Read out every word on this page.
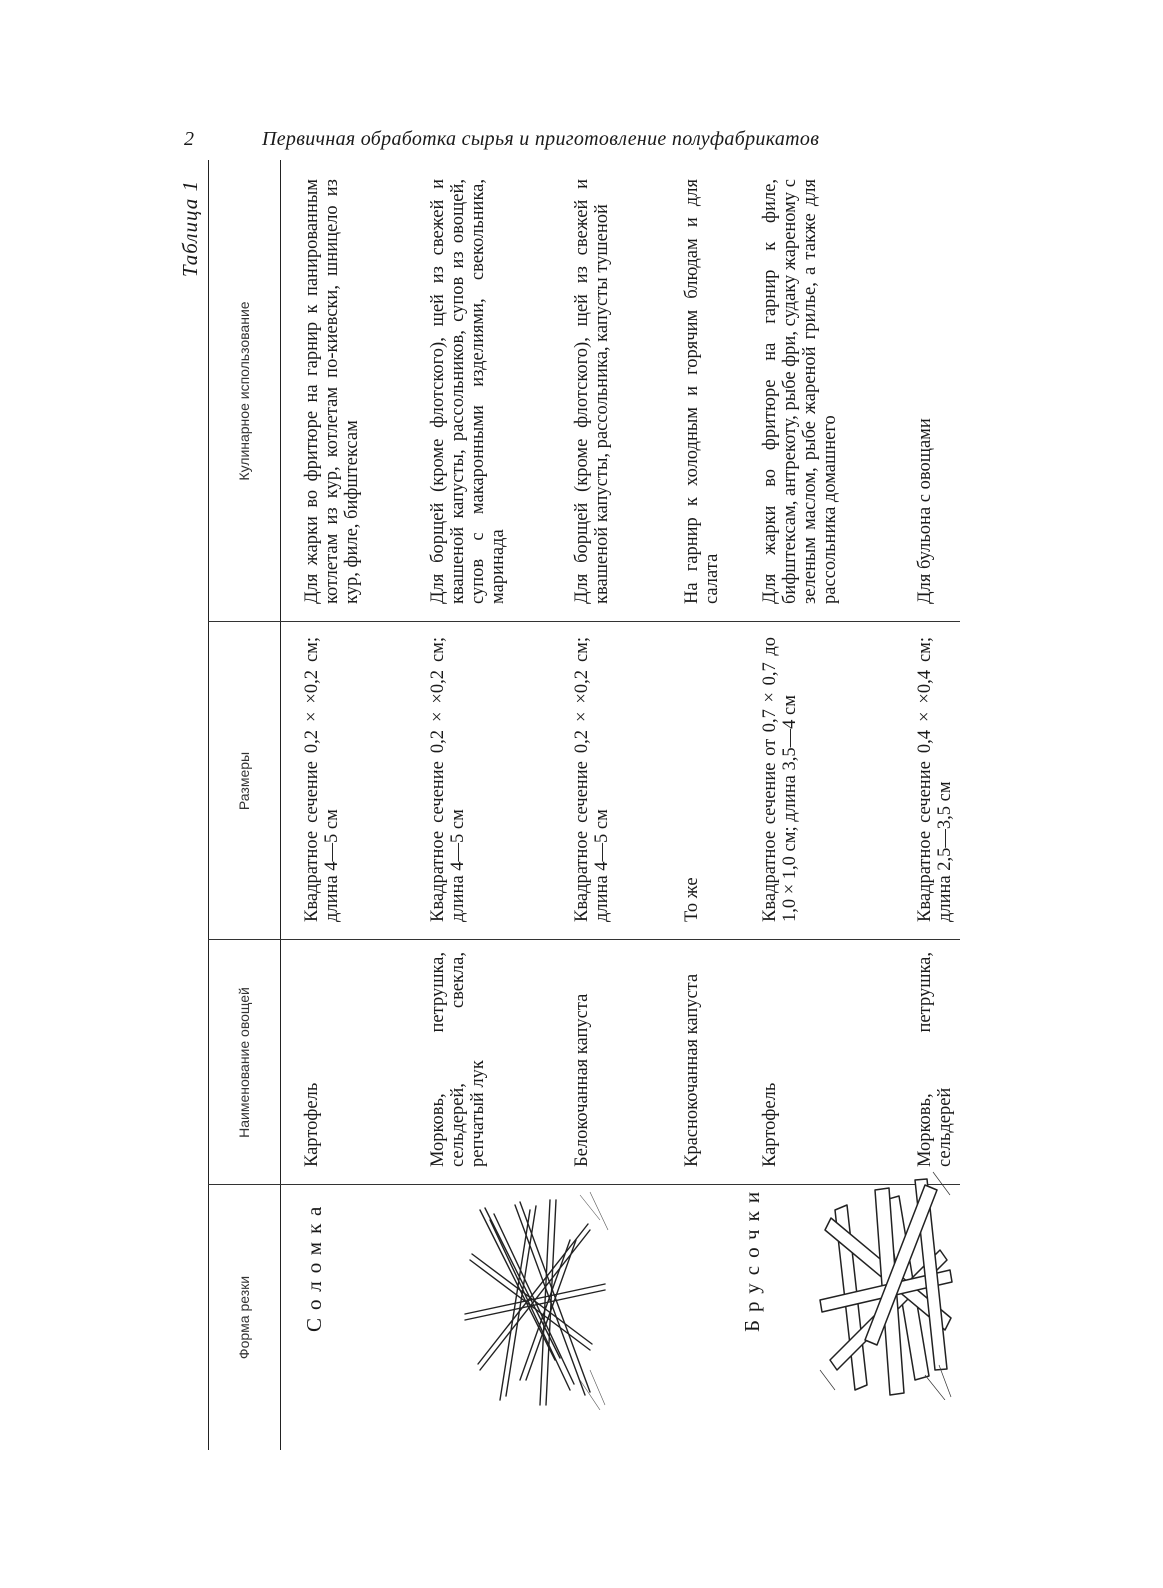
2	Первичная обработка сырья и приготовление полуфабрикатов
Таблица 1
Форма резки
Наименование овощей
Размеры
Кулинарное использование
Соломка
Картофель
Квадратное сечение 0,2 × ×0,2 см; длина 4—5 см
Для жарки во фритюре на гарнир к панированным котлетам из кур, котлетам по-киевски, шницело из кур, филе, бифштексам
Морковь, петрушка, сельдерей, свекла, репчатый лук
Квадратное сечение 0,2 × ×0,2 см; длина 4—5 см
Для борщей (кроме флотского), щей из свежей и квашеной капусты, рассольников, супов из овощей, супов с макаронными изделиями, свекольника, маринада
Белокочанная капуста
Квадратное сечение 0,2 × ×0,2 см; длина 4—5 см
Для борщей (кроме флотского), щей из свежей и квашеной капусты, рассольника, капусты тушеной
Краснокочанная капуста
То же
На гарнир к холодным и горячим блюдам и для салата
Брусочки
Картофель
Квадратное сечение от 0,7 × 0,7 до 1,0 × 1,0 см; длина 3,5—4 см
Для жарки во фритюре на гарнир к филе, бифштексам, антрекоту, рыбе фри, судаку жареному с зеленым маслом, рыбе жареной грилье, а также для рассольника домашнего
Морковь, петрушка, сельдерей
Квадратное сечение 0,4 × ×0,4 см; длина 2,5—3,5 см
Для бульона с овощами
